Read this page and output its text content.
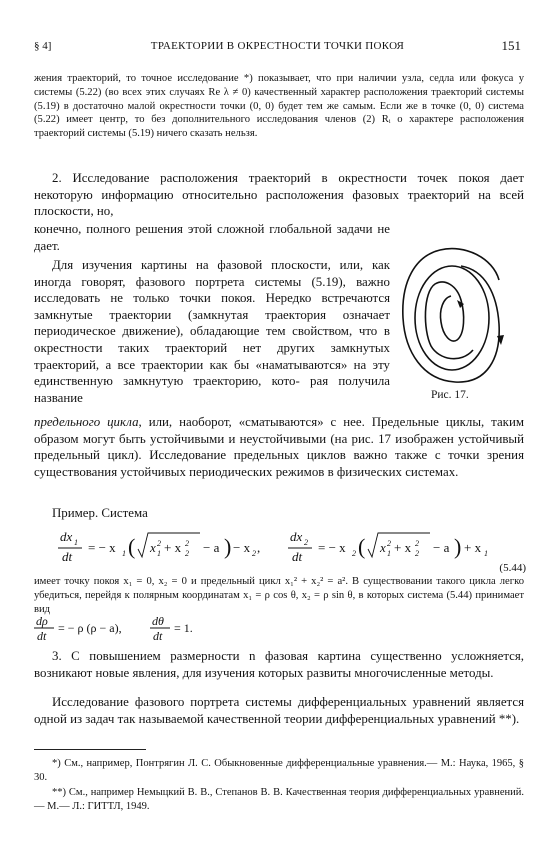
§ 4]	ТРАЕКТОРИИ В ОКРЕСТНОСТИ ТОЧКИ ПОКОЯ	151

жения траекторий, то точное исследование *) показывает, что при наличии узла, седла или фокуса у системы (5.22) (во всех этих случаях Re λ ≠ 0) качественный характер расположения траекторий системы (5.19) в достаточно малой окрестности точки (0, 0) будет тем же самым. Если же в точке (0, 0) система (5.22) имеет центр, то без дополнительного исследования членов (2) Rᵢ о характере расположения траекторий системы (5.19) ничего сказать нельзя.

2. Исследование расположения траекторий в окрестности точек покоя дает некоторую информацию относительно расположения фазовых траекторий на всей плоскости, но,

конечно, полного решения этой сложной глобальной задачи не дает.

Для изучения картины на фазовой плоскости, или, как иногда говорят, фазового портрета системы (5.19), важно исследовать не только точки покоя. Нередко встречаются замкнутые траектории (замкнутая траектория означает периодическое движение), обладающие тем свойством, что в окрестности таких траекторий нет других замкнутых траекторий, а все траектории как бы «наматываются» на эту единственную замкнутую траекторию, кото- рая получила название

предельного цикла, или, наоборот, «сматываются» с нее. Предельные циклы, таким образом могут быть устойчивыми и неустойчивыми (на рис. 17 изображен устойчивый предельный цикл). Исследование предельных циклов важно также с точки зрения существования устойчивых периодических режимов в физических системах.

Рис. 17.

Пример. Система

dx 1
dt
= − x 1 ( x 2
1 + x 2
2 − a ) − x 2 ,
dx 2
dt
= − x 2 ( x 2
1 + x 2
2 − a ) + x 1
(5.44)

имеет точку покоя x₁ = 0, x₂ = 0 и предельный цикл x₁² + x₂² = a². В существовании такого цикла легко убедиться, перейдя к полярным координатам x₁ = ρ cos θ, x₂ = ρ sin θ, в которых система (5.44) принимает вид

dρ
dt
= − ρ (ρ − a),	dθ
dt
= 1.

3. С повышением размерности n фазовая картина существенно усложняется, возникают новые явления, для изучения которых развиты многочисленные методы.

Исследование фазового портрета системы дифференциальных уравнений является одной из задач так называемой качественной теории дифференциальных уравнений **).

*) См., например, Понтрягин Л. С. Обыкновенные дифференциальные уравнения.— М.: Наука, 1965, § 30.

**) См., например Немыцкий В. В., Степанов В. В. Качественная теория дифференциальных уравнений.— М.— Л.: ГИТТЛ, 1949.
